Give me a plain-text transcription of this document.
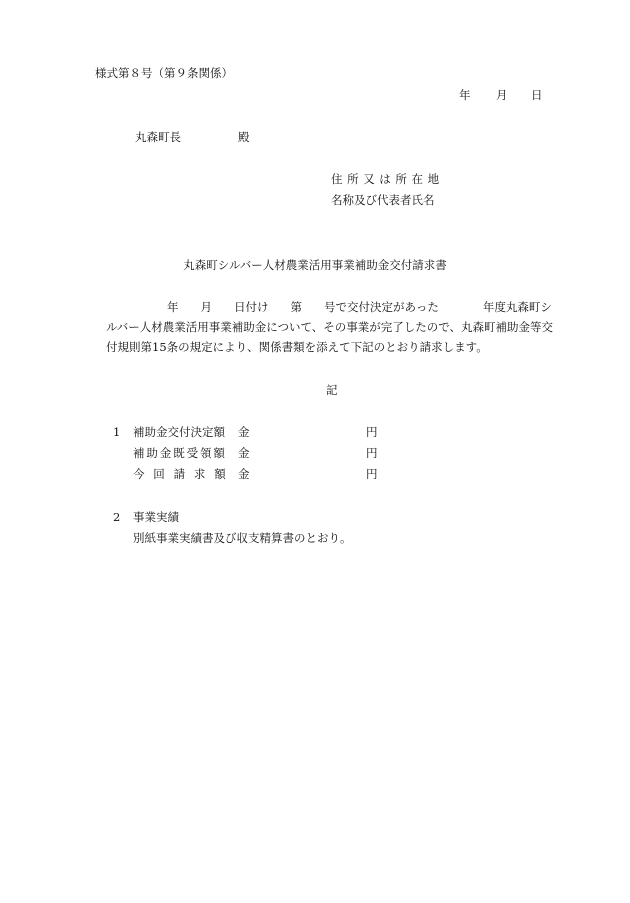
様式第８号（第９条関係）
年 月 日
丸森町長	殿
住所又は所在地
名称及び代表者氏名
丸森町シルバー人材農業活用事業補助金交付請求書
年 月 日付け 第 号で交付決定があった	年度丸森町シ
ルバー人材農業活用事業補助金について、その事業が完了したので、丸森町補助金等交
付規則第15条の規定により、関係書類を添えて下記のとおり請求します。
記
1 補助金交付決定額 金	円
補助金既受領額 金	円
今回請求額 金	円
2 事業実績
別紙事業実績書及び収支精算書のとおり。
